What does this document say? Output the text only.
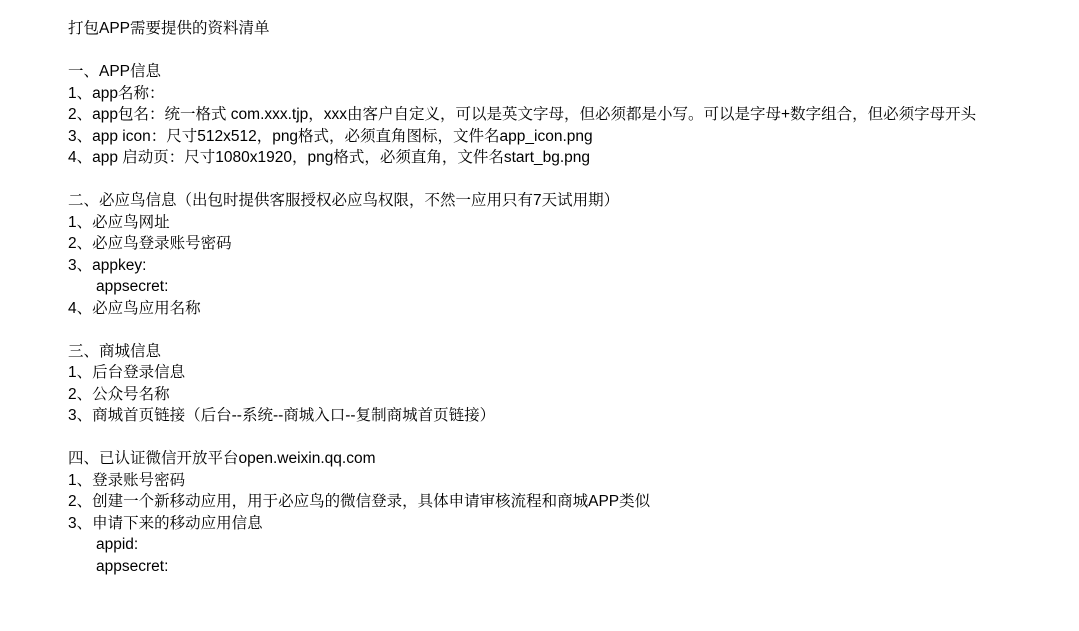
打包APP需要提供的资料清单

一、APP信息
1、app名称：
2、app包名：统一格式 com.xxx.tjp，xxx由客户自定义，可以是英文字母，但必须都是小写。可以是字母+数字组合，但必须字母开头
3、app icon：尺寸512x512，png格式，必须直角图标，文件名app_icon.png
4、app 启动页：尺寸1080x1920，png格式，必须直角，文件名start_bg.png

二、必应鸟信息（出包时提供客服授权必应鸟权限，不然一应用只有7天试用期）
1、必应鸟网址
2、必应鸟登录账号密码
3、appkey:
appsecret:
4、必应鸟应用名称

三、商城信息
1、后台登录信息
2、公众号名称
3、商城首页链接（后台--系统--商城入口--复制商城首页链接）

四、已认证微信开放平台open.weixin.qq.com
1、登录账号密码
2、创建一个新移动应用，用于必应鸟的微信登录，具体申请审核流程和商城APP类似
3、申请下来的移动应用信息
appid:
appsecret:
